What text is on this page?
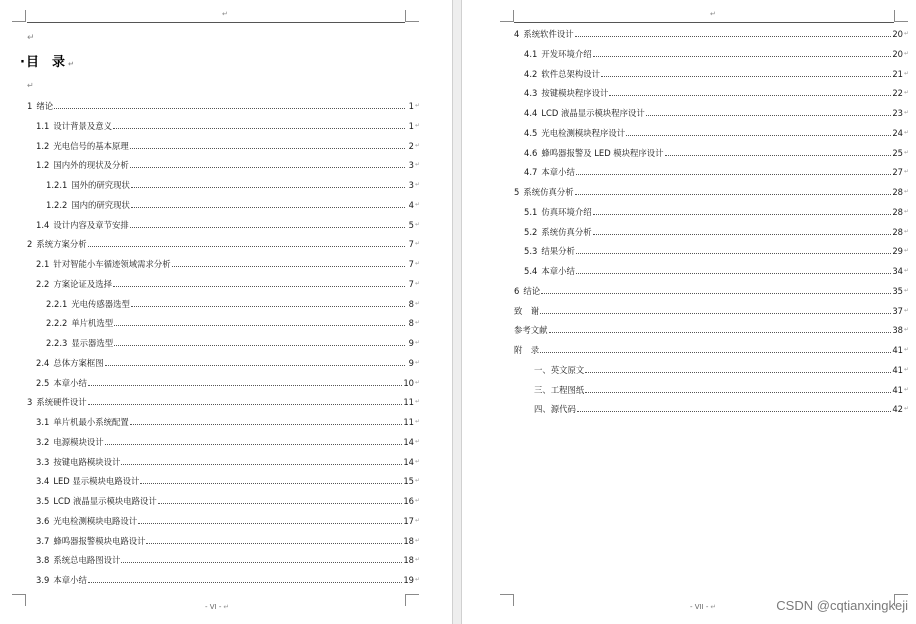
↵
↵
·目 录 ↵
↵
1 绪论	1 ↵
1.1 设计背景及意义	1 ↵
1.2 光电信号的基本原理	2 ↵
1.2 国内外的现状及分析	3 ↵
1.2.1 国外的研究现状	3 ↵
1.2.2 国内的研究现状	4 ↵
1.4 设计内容及章节安排	5 ↵
2 系统方案分析	7 ↵
2.1 针对智能小车循迹领域需求分析	7 ↵
2.2 方案论证及选择	7 ↵
2.2.1 光电传感器选型	8 ↵
2.2.2 单片机选型	8 ↵
2.2.3 显示器选型	9 ↵
2.4 总体方案框图	9 ↵
2.5 本章小结	10 ↵
3 系统硬件设计	11 ↵
3.1 单片机最小系统配置	11 ↵
3.2 电源模块设计	14 ↵
3.3 按键电路模块设计	14 ↵
3.4 LED 显示模块电路设计	15 ↵
3.5 LCD 液晶显示模块电路设计	16 ↵
3.6 光电检测模块电路设计	17 ↵
3.7 蜂鸣器报警模块电路设计	18 ↵
3.8 系统总电路图设计	18 ↵
3.9 本章小结	19 ↵
- VI - ↵
↵
4 系统软件设计	20 ↵
4.1 开发环境介绍	20 ↵
4.2 软件总架构设计	21 ↵
4.3 按键模块程序设计	22 ↵
4.4 LCD 液晶显示模块程序设计	23 ↵
4.5 光电检测模块程序设计	24 ↵
4.6 蜂鸣器报警及 LED 模块程序设计	25 ↵
4.7 本章小结	27 ↵
5 系统仿真分析	28 ↵
5.1 仿真环境介绍	28 ↵
5.2 系统仿真分析	28 ↵
5.3 结果分析	29 ↵
5.4 本章小结	34 ↵
6 结论	35 ↵
致　谢	37 ↵
参考文献	38 ↵
附　录	41 ↵
一、英文原文	41 ↵
三、工程图纸	41 ↵
四、源代码	42 ↵
- VII - ↵	CSDN @cqtianxingkeji
